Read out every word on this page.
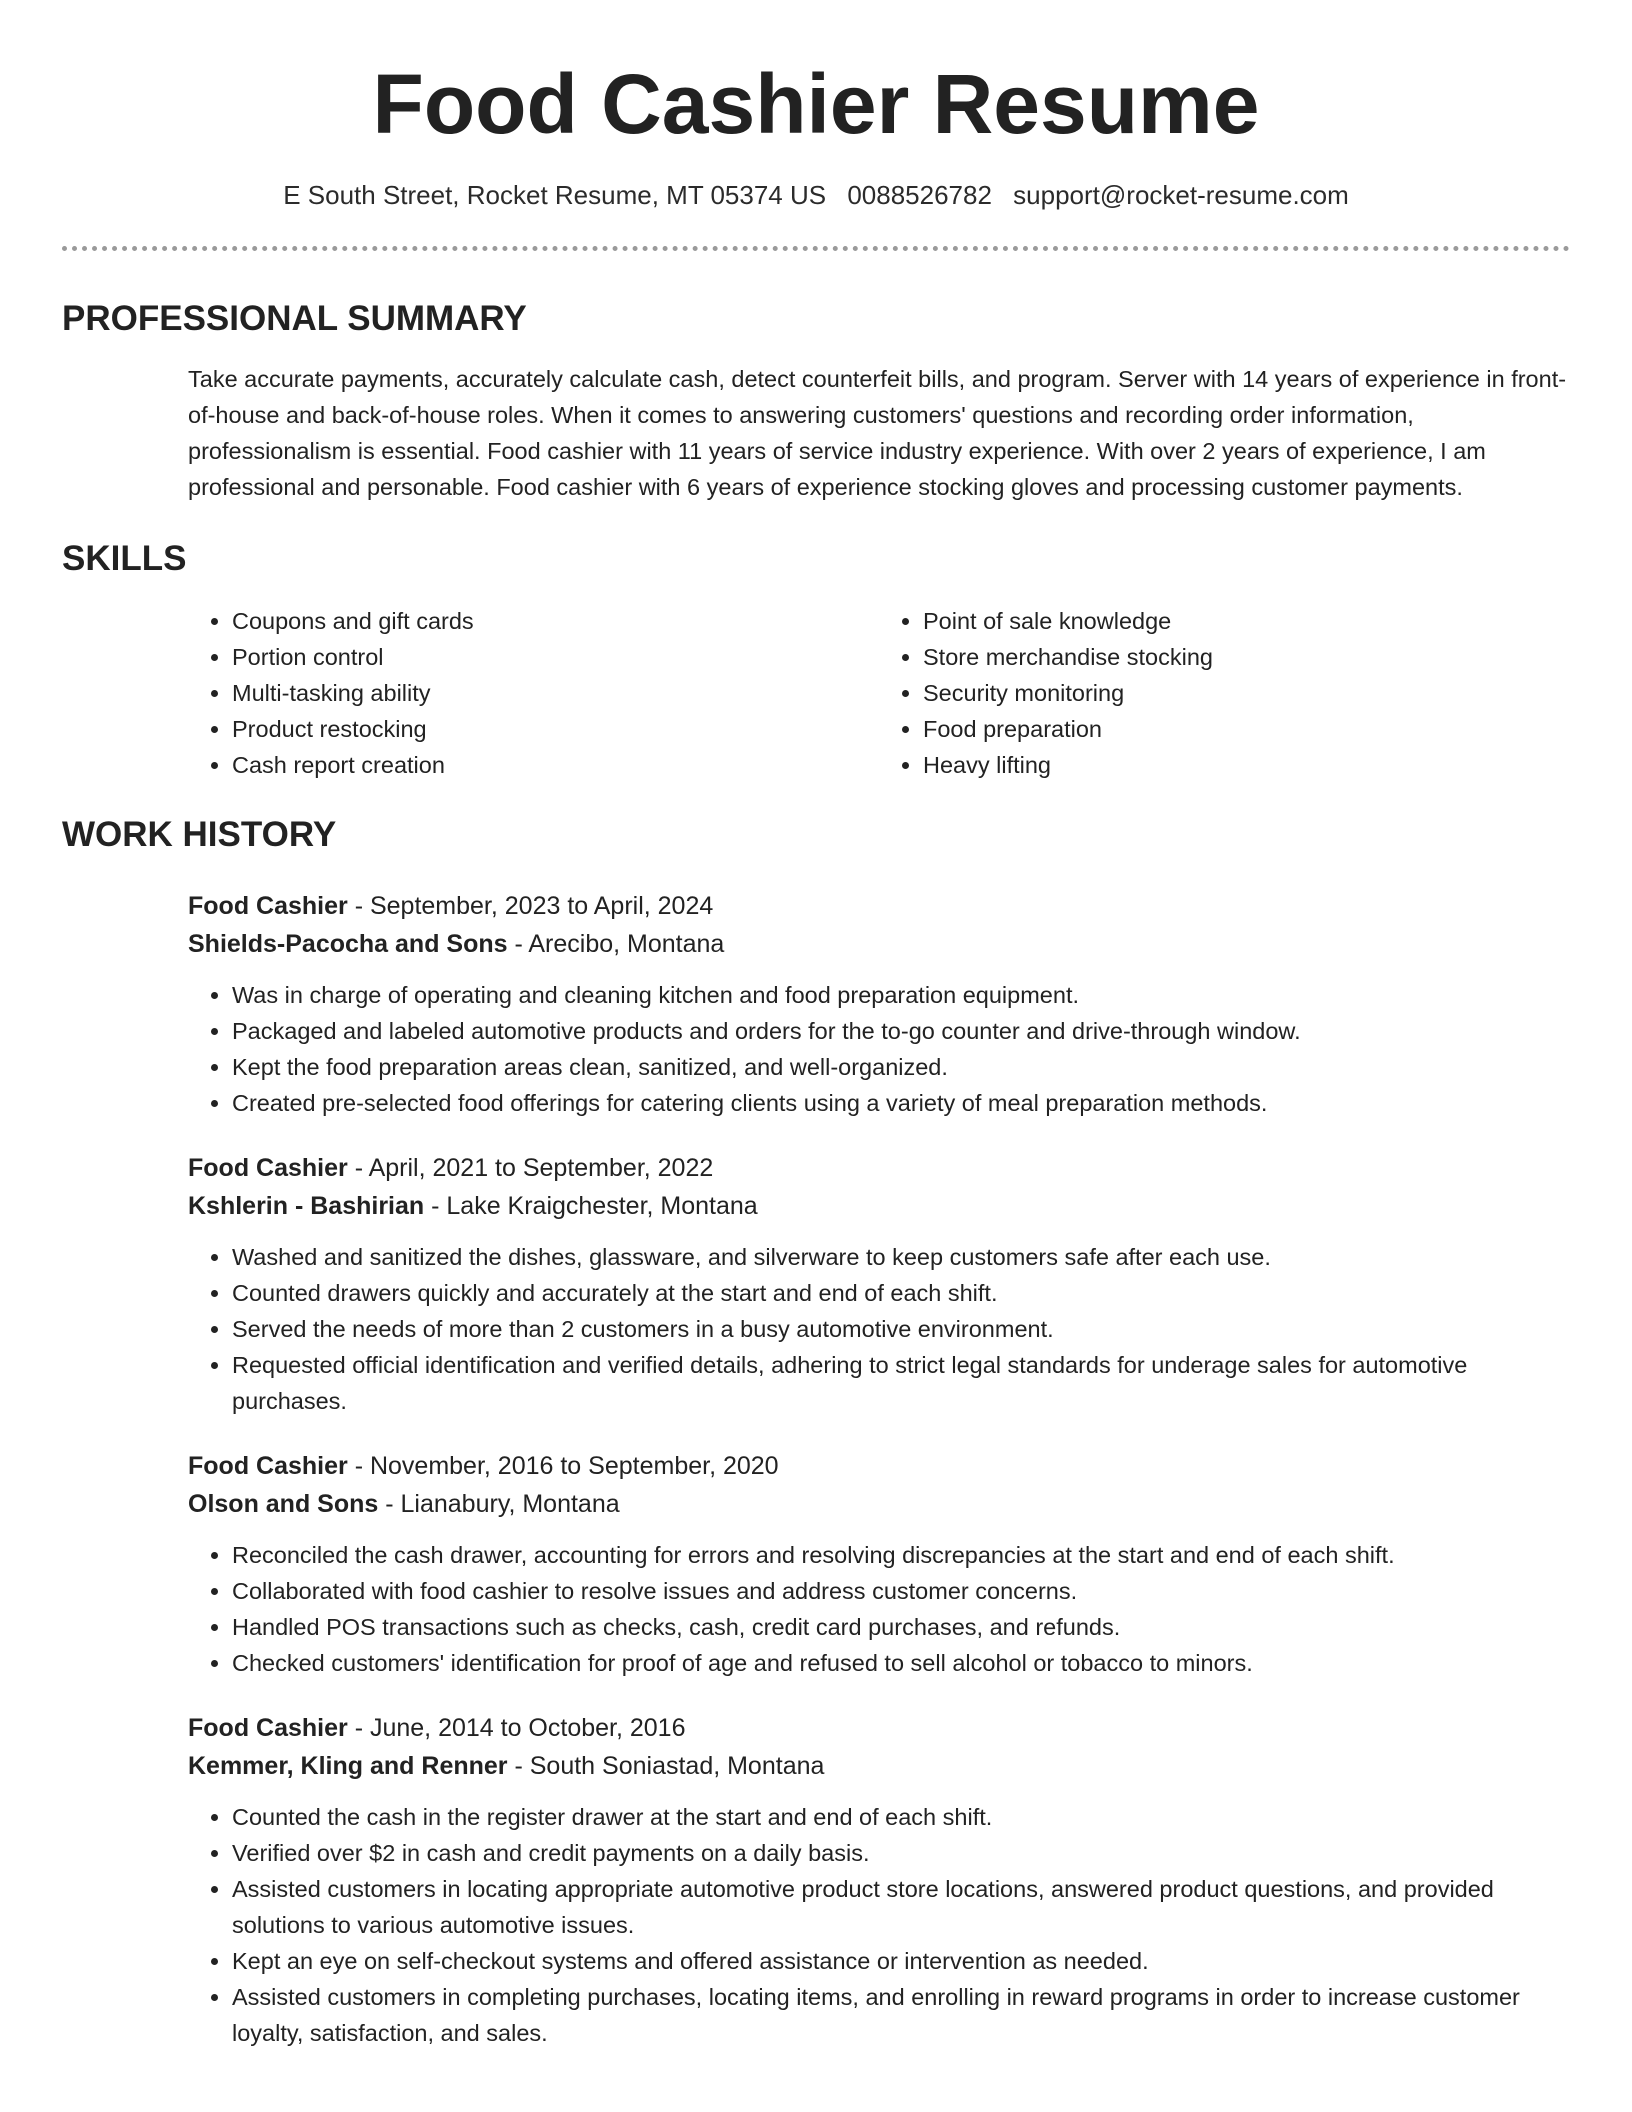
Food Cashier Resume
E South Street, Rocket Resume, MT 05374 US 0088526782 support@rocket-resume.com
PROFESSIONAL SUMMARY

Take accurate payments, accurately calculate cash, detect counterfeit bills, and program. Server with 14 years of experience in front-of-house and back-of-house roles. When it comes to answering customers' questions and recording order information, professionalism is essential. Food cashier with 11 years of service industry experience. With over 2 years of experience, I am professional and personable. Food cashier with 6 years of experience stocking gloves and processing customer payments.

SKILLS
• Coupons and gift cards
• Portion control
• Multi-tasking ability
• Product restocking
• Cash report creation
• Point of sale knowledge
• Store merchandise stocking
• Security monitoring
• Food preparation
• Heavy lifting
WORK HISTORY
Food Cashier - September, 2023 to April, 2024
Shields-Pacocha and Sons - Arecibo, Montana
• Was in charge of operating and cleaning kitchen and food preparation equipment.
• Packaged and labeled automotive products and orders for the to-go counter and drive-through window.
• Kept the food preparation areas clean, sanitized, and well-organized.
• Created pre-selected food offerings for catering clients using a variety of meal preparation methods.
Food Cashier - April, 2021 to September, 2022
Kshlerin - Bashirian - Lake Kraigchester, Montana
• Washed and sanitized the dishes, glassware, and silverware to keep customers safe after each use.
• Counted drawers quickly and accurately at the start and end of each shift.
• Served the needs of more than 2 customers in a busy automotive environment.
• Requested official identification and verified details, adhering to strict legal standards for underage sales for automotive purchases.
Food Cashier - November, 2016 to September, 2020
Olson and Sons - Lianabury, Montana
• Reconciled the cash drawer, accounting for errors and resolving discrepancies at the start and end of each shift.
• Collaborated with food cashier to resolve issues and address customer concerns.
• Handled POS transactions such as checks, cash, credit card purchases, and refunds.
• Checked customers' identification for proof of age and refused to sell alcohol or tobacco to minors.
Food Cashier - June, 2014 to October, 2016
Kemmer, Kling and Renner - South Soniastad, Montana
• Counted the cash in the register drawer at the start and end of each shift.
• Verified over $2 in cash and credit payments on a daily basis.
• Assisted customers in locating appropriate automotive product store locations, answered product questions, and provided solutions to various automotive issues.
• Kept an eye on self-checkout systems and offered assistance or intervention as needed.
• Assisted customers in completing purchases, locating items, and enrolling in reward programs in order to increase customer loyalty, satisfaction, and sales.
